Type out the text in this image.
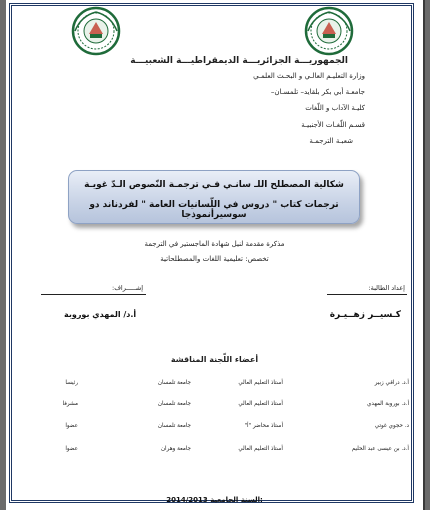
الجمهوريـــة الجزائريـــة الديمقراطيـــة الشعبيـــة
وزارة التعليـم العالـي و البحـث العلمـي
جامعـة أبي بكر بلقايد– تلمسـان–
كليـة الآداب و اللّغات
قسـم اللّغـات الأجنبيـة
شعبـة الترجمـة
شكالية المصطلح اللـ سانـي فـي ترجمـة النّصوص الـدّ غويـة
ترجمات كتاب " دروس في اللّسانيات العامة " لفردناند دو سوسيرأنموذجا
مذكرة مقدمة لنيل شهادة الماجستير في الترجمة
تخصص: تعليمية اللغات والمصطلحاتية
إعداد الطالبة:
إشـــــراف:
كـسيــر زهــيـرة
أ.د/ المهدي بوروبة
أعضاء اللّجنة المناقشة
أ.د. دراقي زبير
أستاذ التعليم العالي
جامعة تلمسان
رئيسا
أ.د. بوروبة المهدي
أستاذ التعليم العالي
جامعة تلمسان
مشرفا
د. حجوي غوتي
أستاذ محاضر "أ"
جامعة تلمسان
عضوا
أ.د. بن عيسى عبد الحليم
أستاذ التعليم العالي
جامعة وهران
عضوا
2014/2013 السنة الجامعية:
